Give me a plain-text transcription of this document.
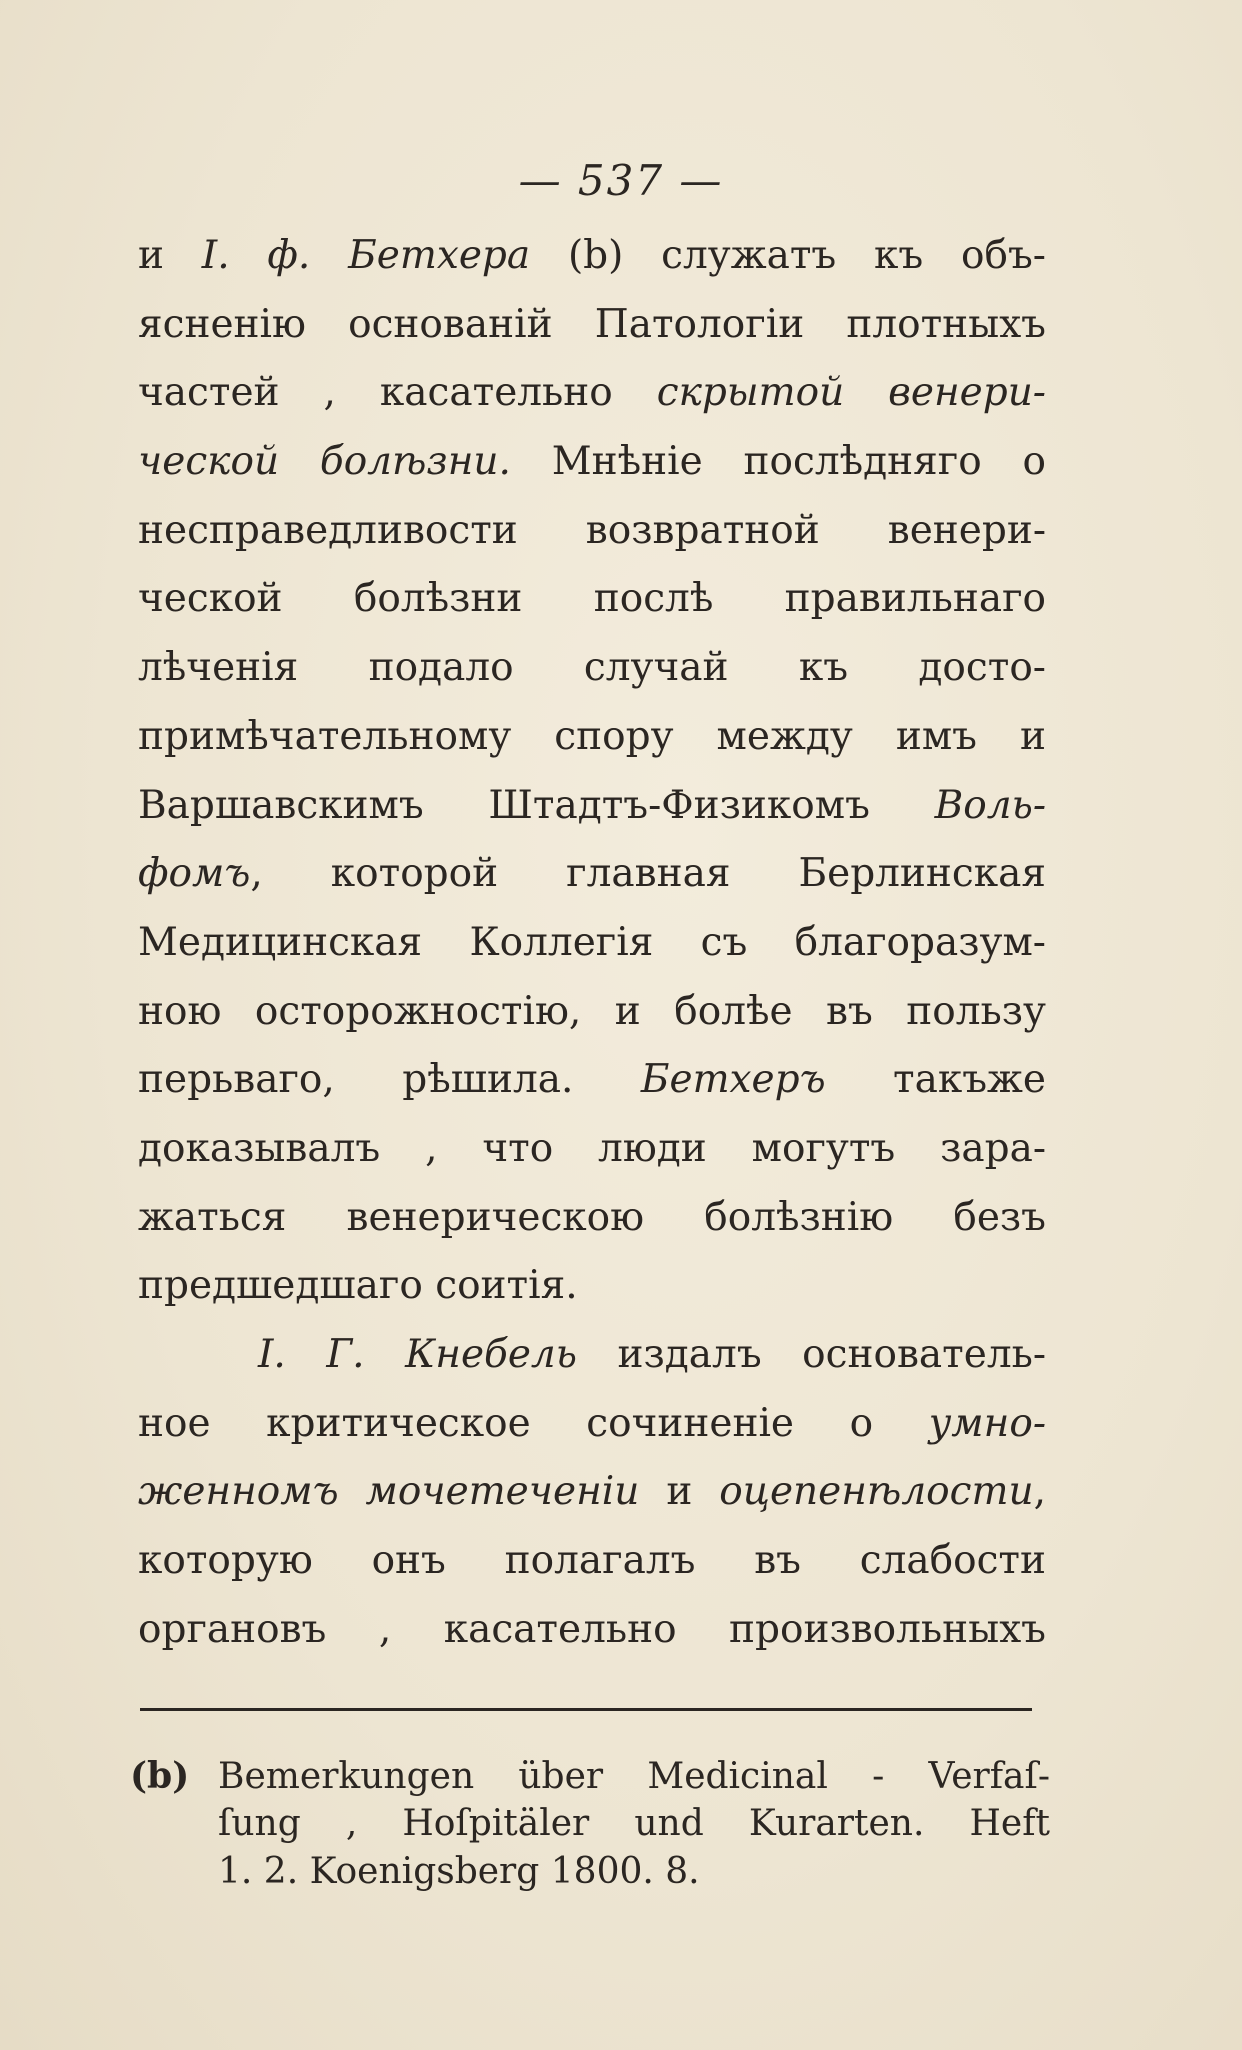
— 537 —
и I. ф. Бетхера (b) служатъ къ объ-
ясненiю основанiй Патологiи плотныхъ
частей , касательно скрытой венери-
ческой болѣзни. Мнѣнiе послѣдняго о
несправедливости возвратной венери-
ческой болѣзни послѣ правильнаго
лѣченiя подало случай къ достo-
примѣчательному спору между имъ и
Варшавскимъ Штадтъ-Физикомъ Воль-
фомъ, которой главная Берлинская
Медицинская Коллегiя съ благоразум-
ною осторожностiю, и болѣе въ пользу
перьваго, рѣшила. Бетхеръ такъже
доказывалъ , что люди могутъ зара-
жаться венерическою болѣзнiю безъ
предшедшаго соитiя.
I. Г. Кнебель издалъ основатель-
ное критическое сочиненiе о умно-
женномъ мочетеченiи и оцепенѣлости,
которую онъ полагалъ въ слабости
органовъ , касательно произвольныхъ
(b) Bemerkungen über Medicinal - Verfaſ-
ſung , Hoſpitäler und Kurarten. Heft
1. 2. Koenigsberg 1800. 8.
